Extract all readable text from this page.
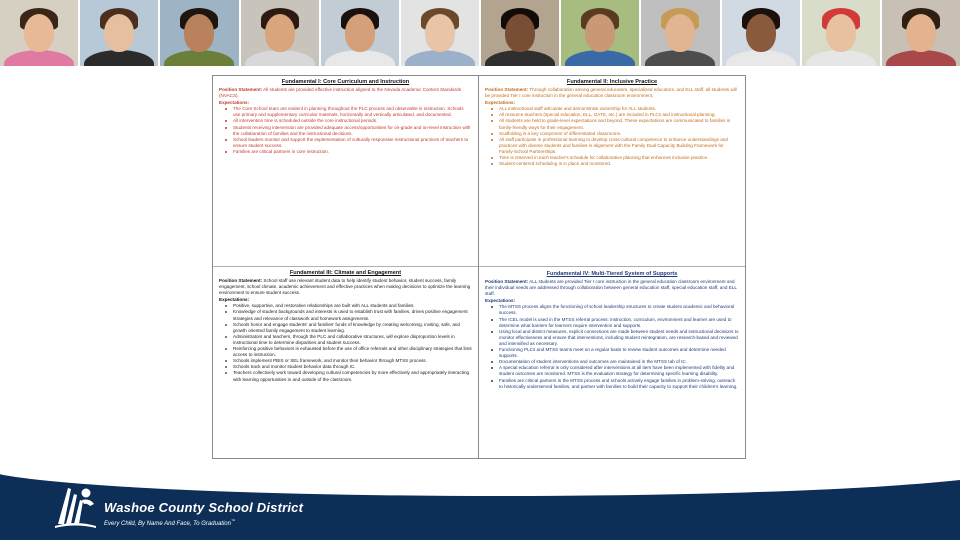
Fundamental I: Core Curriculum and Instruction
Position Statement: All students are provided effective instruction aligned to the Nevada Academic Content Standards (NVACS).
Expectations:
The Core School team are evident in planning throughout the PLC process and observable in instruction. Schools use primary and supplementary curricular materials, horizontally and vertically articulated, and documented.
All intervention time is scheduled outside the core instructional periods.
Students receiving intervention are provided adequate access/opportunities for on-grade and on-level instruction with the collaboration of families and the instructional decisions.
School leaders monitor and support the implementation of culturally responsive instructional practices of teachers to ensure student success.
Families are critical partners in core instruction.
Fundamental II: Inclusive Practice
Position Statement: Through collaboration among general educators, specialized educators, and ELL staff, all students will be provided Tier I core instruction in the general education classroom environment.
Expectations:
ALL instructional staff articulate and demonstrate ownership for ALL students.
All resource teachers (special education, ELL, GATE, etc.) are included in PLCs and instructional planning.
All students are held to grade-level expectations and beyond. These expectations are communicated to families in family-friendly ways for their engagement.
Scaffolding is a key component of differentiated classrooms.
All staff participate in professional learning to develop cross-cultural competence to enhance understandings and practices with diverse students and families in alignment with the Family Dual Capacity Building Framework for Family-School Partnerships.
Time is reserved in each teacher's schedule for collaborative planning that enhances inclusive practice.
Student-centered scheduling is in place and monitored.
Fundamental III: Climate and Engagement
Position Statement: School staff use relevant student data to help identify student behavior, student success, family engagement, school climate, academic achievement and effective practices when making decisions to optimize the learning environment to ensure student success.
Expectations:
Positive, supportive, and restorative relationships are built with ALL students and families.
Knowledge of student backgrounds and interests is used to establish trust with families, drives positive engagement strategies and relevance of classwork and homework assignments.
Schools honor and engage students' and families' funds of knowledge by creating welcoming, inviting, safe, and growth oriented family engagement to student learning.
Administrators and teachers, through the PLC and collaborative structures, will explore disproportion levels in instructional time to determine disparities and student success.
Reinforcing positive behaviors is exhausted before the use of office referrals and other disciplinary strategies that limit access to instruction.
Schools implement PBIS or SEL framework, and monitor their behavior through MTSS process.
Schools track and monitor student behavior data through IC.
Teachers collectively work toward developing cultural competencies by more effectively and appropriately interacting with learning opportunities in and outside of the classroom.
Fundamental IV: Multi-Tiered System of Supports
Position Statement: ALL students are provided Tier I core instruction in the general education classroom environment and their individual needs are addressed through collaboration between general education staff, special education staff, and ELL staff.
Expectations:
The MTSS process aligns the functioning of school leadership structures to create student academic and behavioral success.
The ICEL model is used in the MTSS referral process: instruction, curriculum, environment and learner are used to determine what barriers for learners require intervention and supports.
Using local and district measures, explicit connections are made between student needs and instructional decisions to monitor effectiveness and ensure that interventions, including student reintegration, are research-based and reviewed and intensified as necessary.
Functioning PLCs and MTSS teams meet on a regular basis to review student outcomes and determine needed supports.
Documentation of student interventions and outcomes are maintained in the MTSS tab of IC.
A special education referral is only considered after interventions at all tiers have been implemented with fidelity and student outcomes are monitored. MTSS is the evaluation strategy for determining specific learning disability.
Families are critical partners in the MTSS process and schools actively engage families in problem-solving, outreach to historically underserved families, and partner with families to build their capacity to support their children's learning.
Washoe County School District
Every Child, By Name And Face, To Graduation™
